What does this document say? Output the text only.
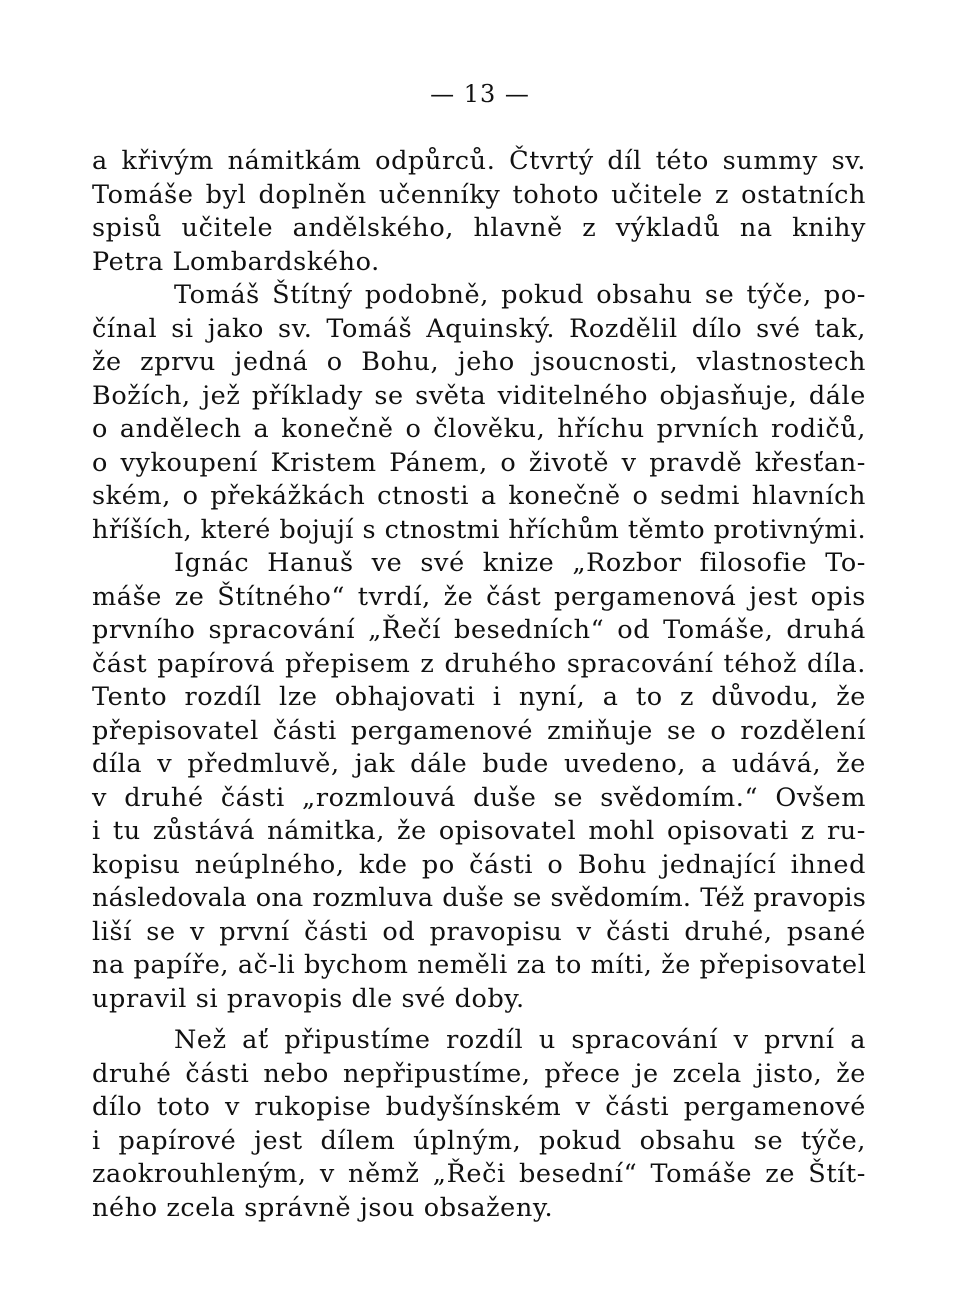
— 13 —
a křivým námitkám odpůrců. Čtvrtý díl této summy sv.
Tomáše byl doplněn učenníky tohoto učitele z ostatních
spisů učitele andělského, hlavně z výkladů na knihy
Petra Lombardského.
Tomáš Štítný podobně, pokud obsahu se týče, po-
čínal si jako sv. Tomáš Aquinský. Rozdělil dílo své tak,
že zprvu jedná o Bohu, jeho jsoucnosti, vlastnostech
Božích, jež příklady se světa viditelného objasňuje, dále
o andělech a konečně o člověku, hříchu prvních rodičů,
o vykoupení Kristem Pánem, o životě v pravdě křesťan-
ském, o překážkách ctnosti a konečně o sedmi hlavních
hříších, které bojují s ctnostmi hříchům těmto protivnými.
Ignác Hanuš ve své knize „Rozbor filosofie To-
máše ze Štítného“ tvrdí, že část pergamenová jest opis
prvního spracování „Řečí besedních“ od Tomáše, druhá
část papírová přepisem z druhého spracování téhož díla.
Tento rozdíl lze obhajovati i nyní, a to z důvodu, že
přepisovatel části pergamenové zmiňuje se o rozdělení
díla v předmluvě, jak dále bude uvedeno, a udává, že
v druhé části „rozmlouvá duše se svědomím.“ Ovšem
i tu zůstává námitka, že opisovatel mohl opisovati z ru-
kopisu neúplného, kde po části o Bohu jednající ihned
následovala ona rozmluva duše se svědomím. Též pravopis
liší se v první části od pravopisu v části druhé, psané
na papíře, ač-li bychom neměli za to míti, že přepisovatel
upravil si pravopis dle své doby.
Než ať připustíme rozdíl u spracování v první a
druhé části nebo nepřipustíme, přece je zcela jisto, že
dílo toto v rukopise budyšínském v části pergamenové
i papírové jest dílem úplným, pokud obsahu se týče,
zaokrouhleným, v němž „Řeči besední“ Tomáše ze Štít-
ného zcela správně jsou obsaženy.
